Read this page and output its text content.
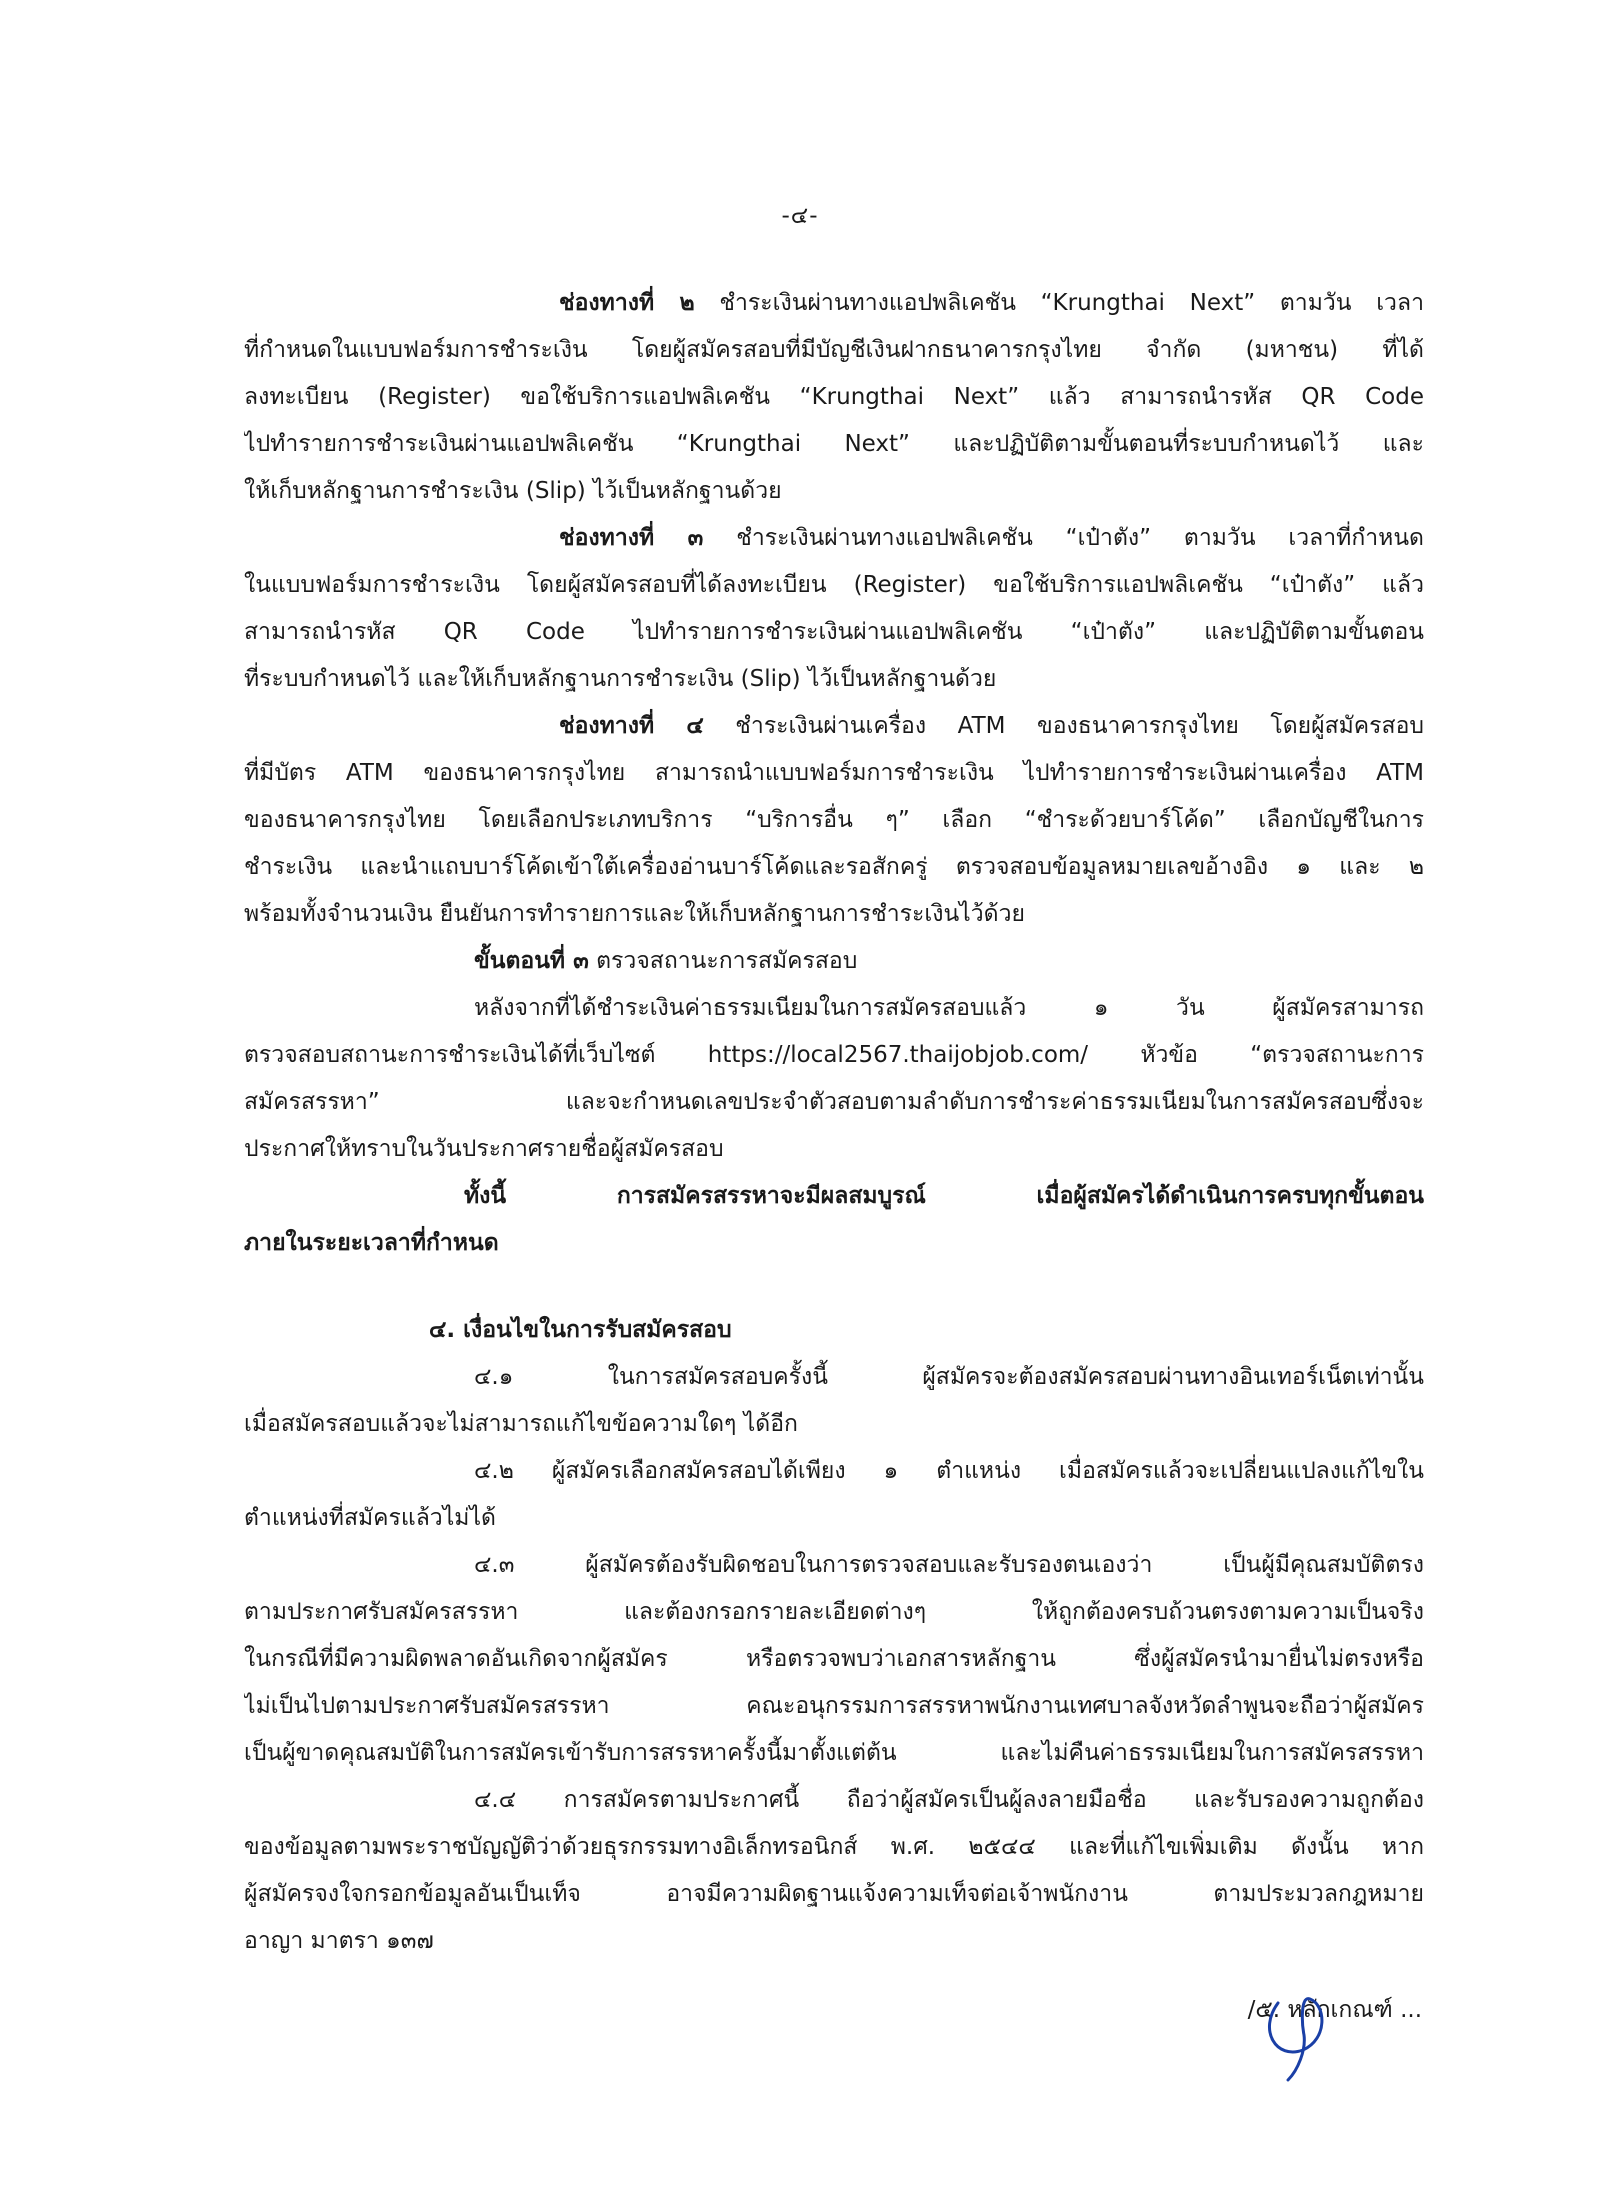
-๔-
ช่องทางที่ ๒ ชำระเงินผ่านทางแอปพลิเคชัน “Krungthai Next” ตามวัน เวลา
ที่กำหนดในแบบฟอร์มการชำระเงิน โดยผู้สมัครสอบที่มีบัญชีเงินฝากธนาคารกรุงไทย จำกัด (มหาชน) ที่ได้
ลงทะเบียน (Register) ขอใช้บริการแอปพลิเคชัน “Krungthai Next” แล้ว สามารถนำรหัส QR Code
ไปทำรายการชำระเงินผ่านแอปพลิเคชัน “Krungthai Next” และปฏิบัติตามขั้นตอนที่ระบบกำหนดไว้ และ
ให้เก็บหลักฐานการชำระเงิน (Slip) ไว้เป็นหลักฐานด้วย
ช่องทางที่ ๓ ชำระเงินผ่านทางแอปพลิเคชัน “เป๋าตัง” ตามวัน เวลาที่กำหนด
ในแบบฟอร์มการชำระเงิน โดยผู้สมัครสอบที่ได้ลงทะเบียน (Register) ขอใช้บริการแอปพลิเคชัน “เป๋าตัง” แล้ว
สามารถนำรหัส QR Code ไปทำรายการชำระเงินผ่านแอปพลิเคชัน “เป๋าตัง” และปฏิบัติตามขั้นตอน
ที่ระบบกำหนดไว้ และให้เก็บหลักฐานการชำระเงิน (Slip) ไว้เป็นหลักฐานด้วย
ช่องทางที่ ๔ ชำระเงินผ่านเครื่อง ATM ของธนาคารกรุงไทย โดยผู้สมัครสอบ
ที่มีบัตร ATM ของธนาคารกรุงไทย สามารถนำแบบฟอร์มการชำระเงิน ไปทำรายการชำระเงินผ่านเครื่อง ATM
ของธนาคารกรุงไทย โดยเลือกประเภทบริการ “บริการอื่น ๆ” เลือก “ชำระด้วยบาร์โค้ด” เลือกบัญชีในการ
ชำระเงิน และนำแถบบาร์โค้ดเข้าใต้เครื่องอ่านบาร์โค้ดและรอสักครู่ ตรวจสอบข้อมูลหมายเลขอ้างอิง ๑ และ ๒
พร้อมทั้งจำนวนเงิน ยืนยันการทำรายการและให้เก็บหลักฐานการชำระเงินไว้ด้วย
ขั้นตอนที่ ๓ ตรวจสถานะการสมัครสอบ
หลังจากที่ได้ชำระเงินค่าธรรมเนียมในการสมัครสอบแล้ว ๑ วัน ผู้สมัครสามารถ
ตรวจสอบสถานะการชำระเงินได้ที่เว็บไซต์ https://local2567.thaijobjob.com/ หัวข้อ “ตรวจสถานะการ
สมัครสรรหา” และจะกำหนดเลขประจำตัวสอบตามลำดับการชำระค่าธรรมเนียมในการสมัครสอบซึ่งจะ
ประกาศให้ทราบในวันประกาศรายชื่อผู้สมัครสอบ
ทั้งนี้ การสมัครสรรหาจะมีผลสมบูรณ์ เมื่อผู้สมัครได้ดำเนินการครบทุกขั้นตอน
ภายในระยะเวลาที่กำหนด
๔. เงื่อนไขในการรับสมัครสอบ
๔.๑ ในการสมัครสอบครั้งนี้ ผู้สมัครจะต้องสมัครสอบผ่านทางอินเทอร์เน็ตเท่านั้น
เมื่อสมัครสอบแล้วจะไม่สามารถแก้ไขข้อความใดๆ ได้อีก
๔.๒ ผู้สมัครเลือกสมัครสอบได้เพียง ๑ ตำแหน่ง เมื่อสมัครแล้วจะเปลี่ยนแปลงแก้ไขใน
ตำแหน่งที่สมัครแล้วไม่ได้
๔.๓ ผู้สมัครต้องรับผิดชอบในการตรวจสอบและรับรองตนเองว่า เป็นผู้มีคุณสมบัติตรง
ตามประกาศรับสมัครสรรหา และต้องกรอกรายละเอียดต่างๆ ให้ถูกต้องครบถ้วนตรงตามความเป็นจริง
ในกรณีที่มีความผิดพลาดอันเกิดจากผู้สมัคร หรือตรวจพบว่าเอกสารหลักฐาน ซึ่งผู้สมัครนำมายื่นไม่ตรงหรือ
ไม่เป็นไปตามประกาศรับสมัครสรรหา คณะอนุกรรมการสรรหาพนักงานเทศบาลจังหวัดลำพูนจะถือว่าผู้สมัคร
เป็นผู้ขาดคุณสมบัติในการสมัครเข้ารับการสรรหาครั้งนี้มาตั้งแต่ต้น และไม่คืนค่าธรรมเนียมในการสมัครสรรหา
๔.๔ การสมัครตามประกาศนี้ ถือว่าผู้สมัครเป็นผู้ลงลายมือชื่อ และรับรองความถูกต้อง
ของข้อมูลตามพระราชบัญญัติว่าด้วยธุรกรรมทางอิเล็กทรอนิกส์ พ.ศ. ๒๕๔๔ และที่แก้ไขเพิ่มเติม ดังนั้น หาก
ผู้สมัครจงใจกรอกข้อมูลอันเป็นเท็จ อาจมีความผิดฐานแจ้งความเท็จต่อเจ้าพนักงาน ตามประมวลกฎหมาย
อาญา มาตรา ๑๓๗
/๕. หลักเกณฑ์ ...
